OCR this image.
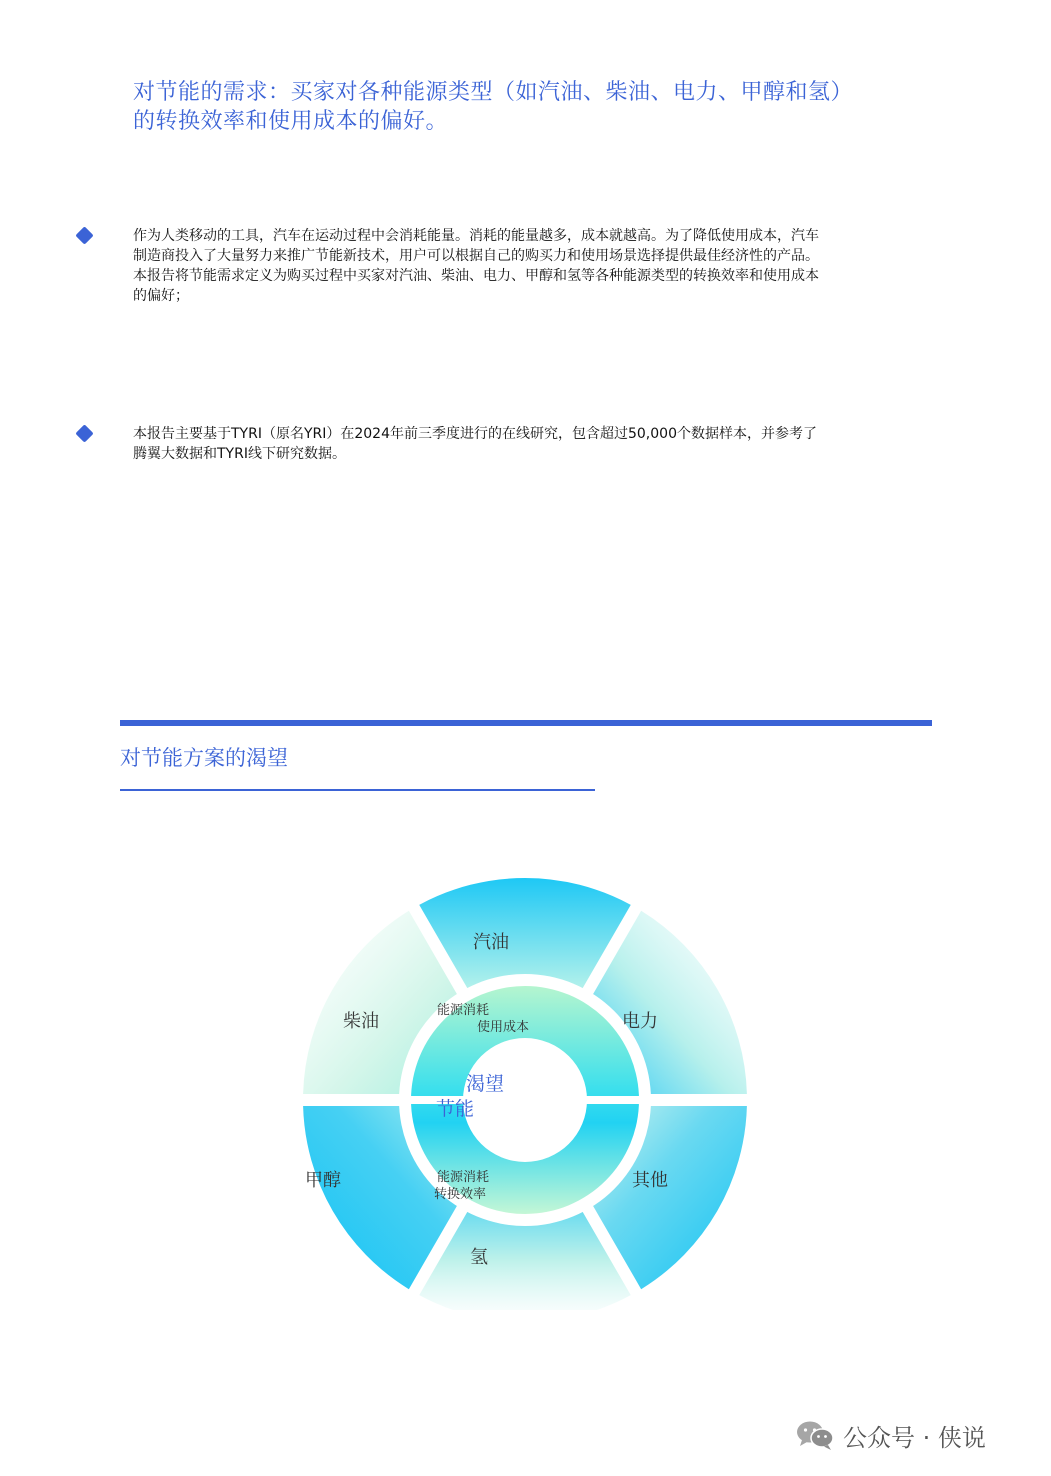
对节能的需求：买家对各种能源类型（如汽油、柴油、电力、甲醇和氢）
的转换效率和使用成本的偏好。
作为人类移动的工具，汽车在运动过程中会消耗能量。消耗的能量越多，成本就越高。为了降低使用成本，汽车
制造商投入了大量努力来推广节能新技术，用户可以根据自己的购买力和使用场景选择提供最佳经济性的产品。
本报告将节能需求定义为购买过程中买家对汽油、柴油、电力、甲醇和氢等各种能源类型的转换效率和使用成本
的偏好；
本报告主要基于TYRI（原名YRI）在2024年前三季度进行的在线研究，包含超过50,000个数据样本，并参考了
腾翼大数据和TYRI线下研究数据。
对节能方案的渴望
汽油
电力
其他
氢
甲醇
柴油
能源消耗
使用成本
能源消耗
转换效率
渴望
节能
公众号 · 侠说
